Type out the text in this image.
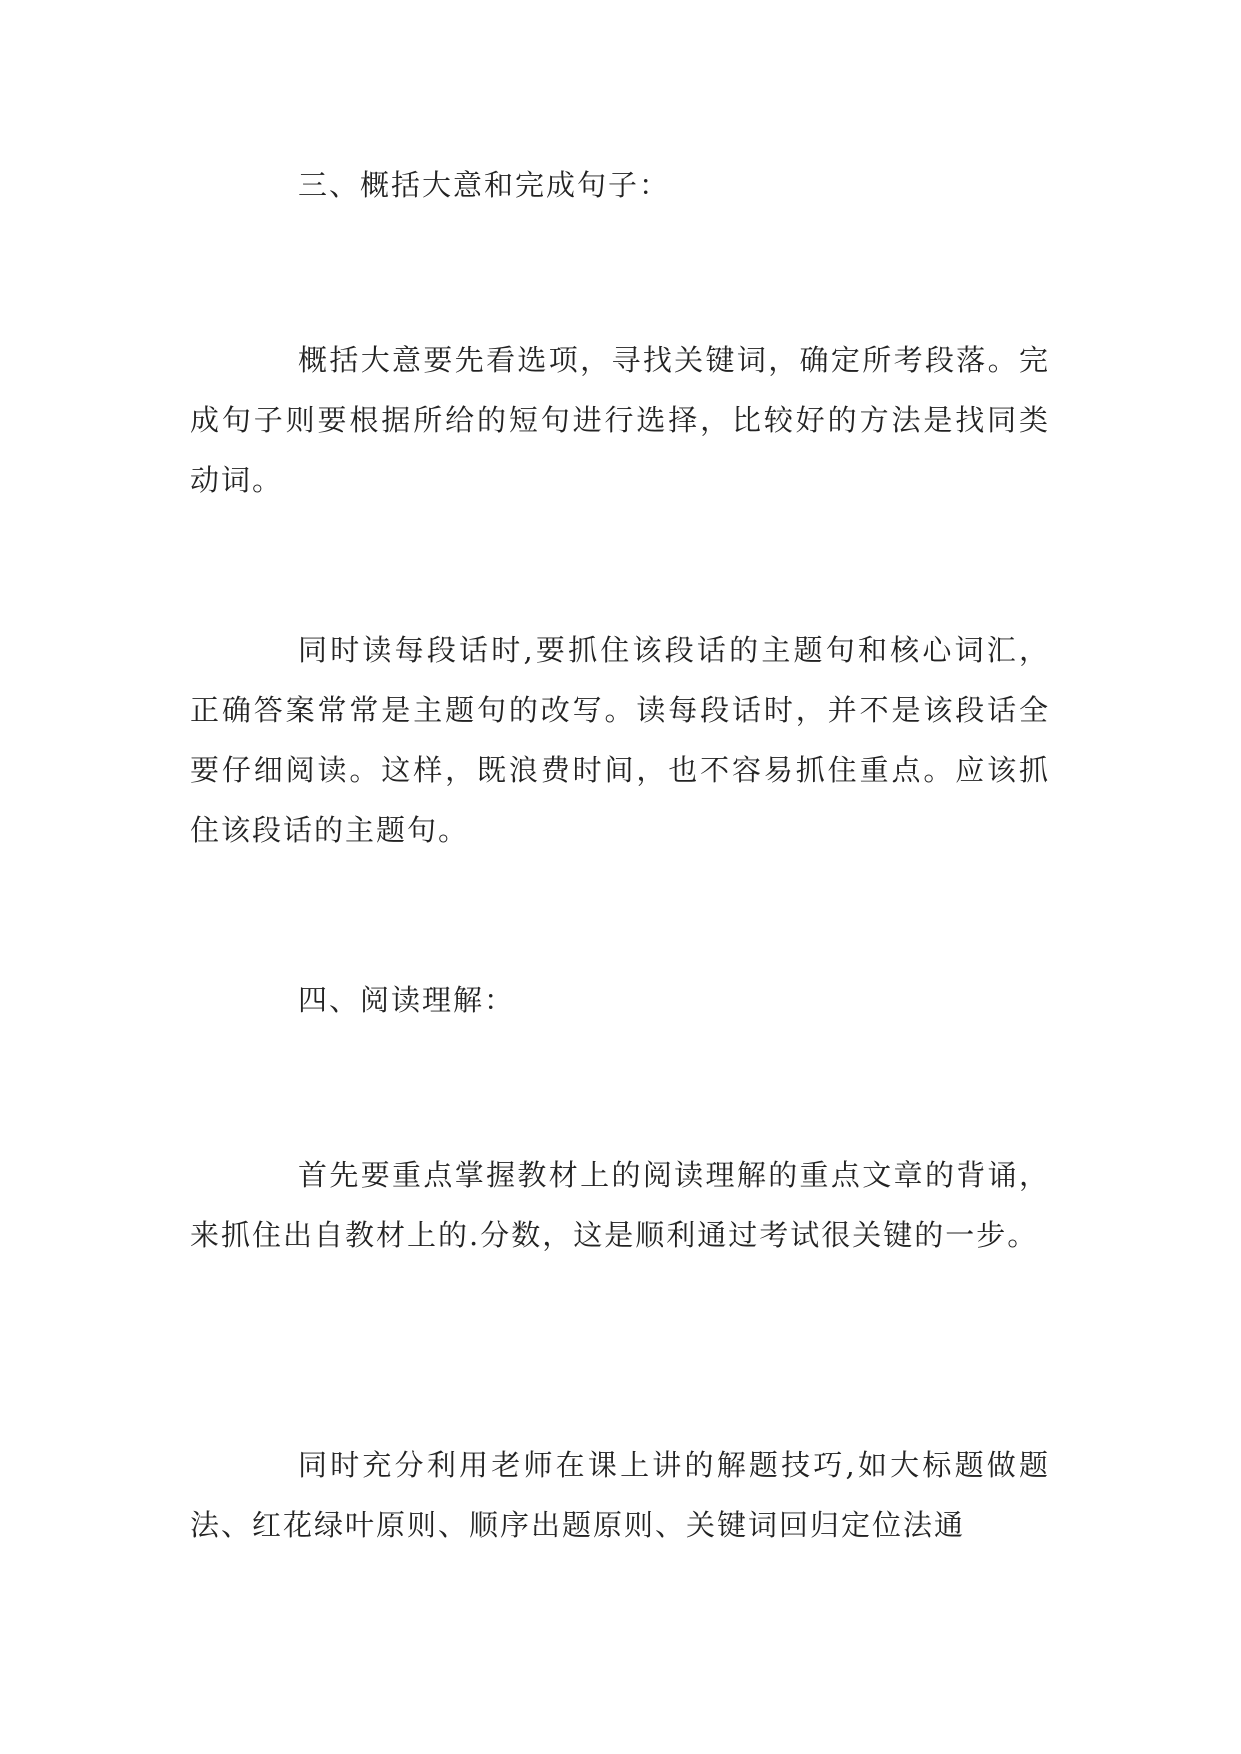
三、概括大意和完成句子：

概括大意要先看选项，寻找关键词，确定所考段落。完成句子则要根据所给的短句进行选择，比较好的方法是找同类动词。

同时读每段话时,要抓住该段话的主题句和核心词汇，正确答案常常是主题句的改写。读每段话时，并不是该段话全要仔细阅读。这样，既浪费时间，也不容易抓住重点。应该抓住该段话的主题句。

四、阅读理解：

首先要重点掌握教材上的阅读理解的重点文章的背诵，来抓住出自教材上的.分数，这是顺利通过考试很关键的一步。

同时充分利用老师在课上讲的解题技巧,如大标题做题法、红花绿叶原则、顺序出题原则、关键词回归定位法通
